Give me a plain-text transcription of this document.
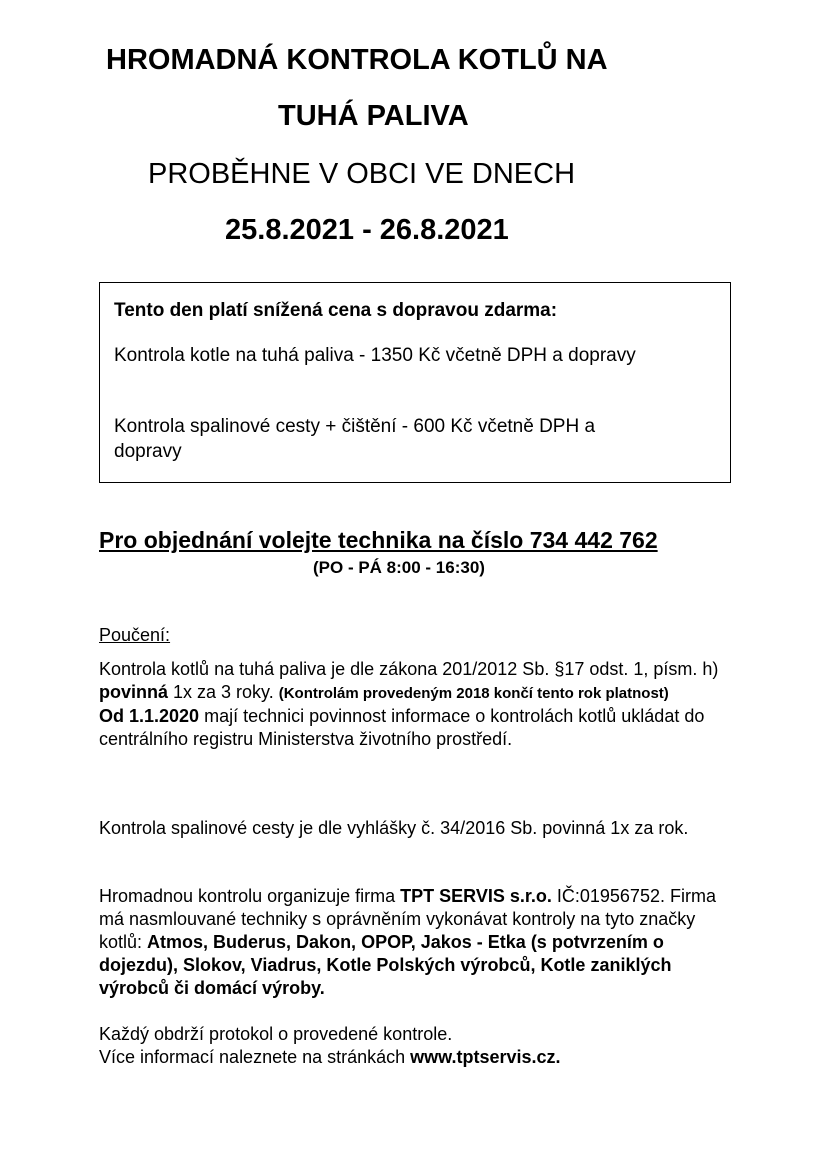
HROMADNÁ KONTROLA KOTLŮ NA
TUHÁ PALIVA
PROBĚHNE V OBCI VE DNECH
25.8.2021 - 26.8.2021
Tento den platí snížená cena s dopravou zdarma:
Kontrola kotle na tuhá paliva - 1350 Kč včetně DPH a dopravy
Kontrola spalinové cesty + čištění - 600 Kč včetně DPH a dopravy
Pro objednání volejte technika na číslo 734 442 762
(PO - PÁ 8:00 - 16:30)
Poučení:
Kontrola kotlů na tuhá paliva je dle zákona 201/2012 Sb. §17 odst. 1, písm. h) povinná 1x za 3 roky. (Kontrolám provedeným 2018 končí tento rok platnost)
Od 1.1.2020 mají technici povinnost informace o kontrolách kotlů ukládat do centrálního registru Ministerstva životního prostředí.
Kontrola spalinové cesty je dle vyhlášky č. 34/2016 Sb. povinná 1x za rok.
Hromadnou kontrolu organizuje firma TPT SERVIS s.r.o. IČ:01956752. Firma má nasmlouvané techniky s oprávněním vykonávat kontroly na tyto značky kotlů: Atmos, Buderus, Dakon, OPOP, Jakos - Etka (s potvrzením o dojezdu), Slokov, Viadrus, Kotle Polských výrobců, Kotle zaniklých výrobců či domácí výroby.
Každý obdrží protokol o provedené kontrole.
Více informací naleznete na stránkách www.tptservis.cz.
